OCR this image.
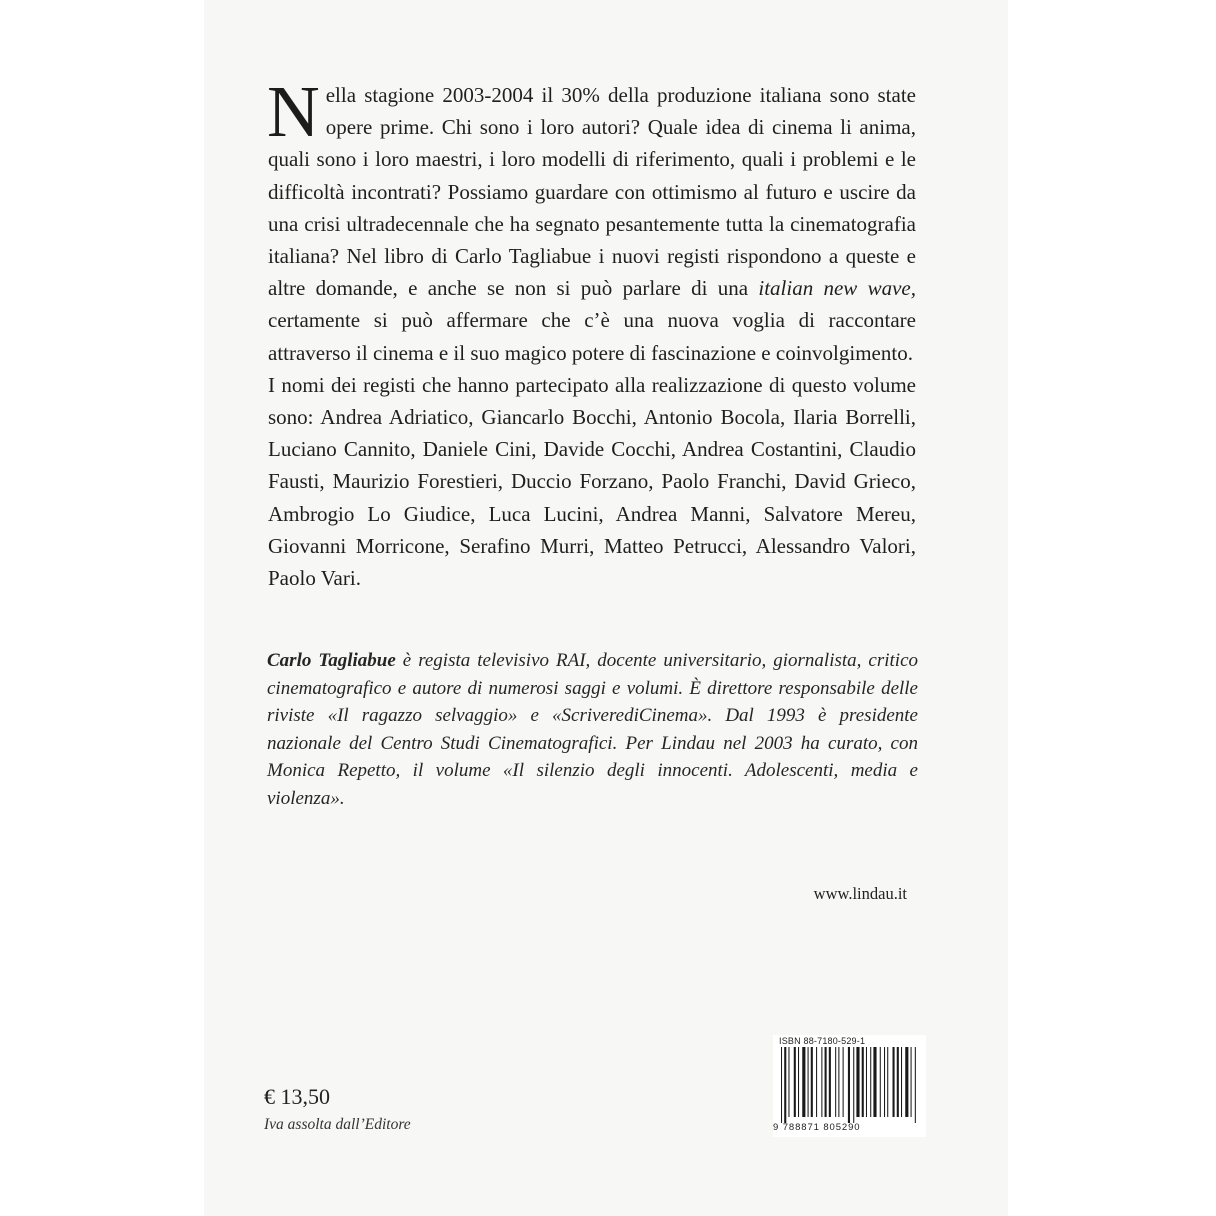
Nella stagione 2003-2004 il 30% della produzione italiana sono state opere prime. Chi sono i loro autori? Quale idea di cinema li anima, quali sono i loro maestri, i loro modelli di riferimento, quali i problemi e le difficoltà incontrati? Possiamo guardare con ottimismo al futuro e uscire da una crisi ultradecennale che ha segnato pesantemente tutta la cinematografia italiana? Nel libro di Carlo Tagliabue i nuovi registi rispondono a queste e altre domande, e anche se non si può parlare di una italian new wave, certamente si può affermare che c’è una nuova voglia di raccontare attraverso il cinema e il suo magico potere di fascinazione e coinvolgimento.

I nomi dei registi che hanno partecipato alla realizzazione di questo volume sono: Andrea Adriatico, Giancarlo Bocchi, Antonio Bocola, Ilaria Borrelli, Luciano Cannito, Daniele Cini, Davide Cocchi, Andrea Costantini, Claudio Fausti, Maurizio Forestieri, Duccio Forzano, Paolo Franchi, David Grieco, Ambrogio Lo Giudice, Luca Lucini, Andrea Manni, Salvatore Mereu, Giovanni Morricone, Serafino Murri, Matteo Petrucci, Alessandro Valori, Paolo Vari.

Carlo Tagliabue è regista televisivo RAI, docente universitario, giornalista, critico cinematografico e autore di numerosi saggi e volumi. È direttore responsabile delle riviste «Il ragazzo selvaggio» e «ScriverediCinema». Dal 1993 è presidente nazionale del Centro Studi Cinematografici. Per Lindau nel 2003 ha curato, con Monica Repetto, il volume «Il silenzio degli innocenti. Adolescenti, media e violenza».
www.lindau.it
€ 13,50
Iva assolta dall’Editore
ISBN 88-7180-529-1
9 788871 805290
